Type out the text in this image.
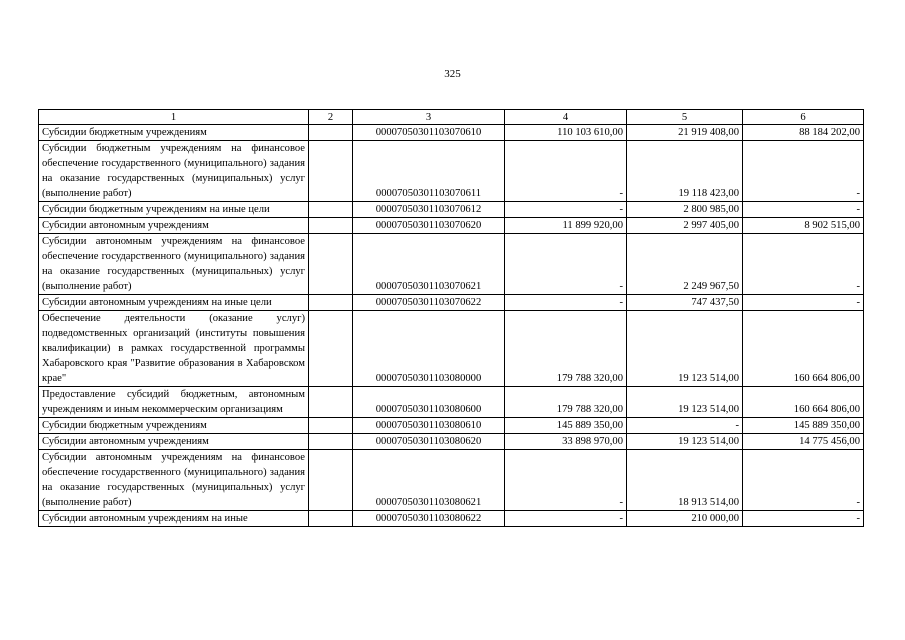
325
1	2	3	4	5	6
Субсидии бюджетным учреждениям		00007050301103070610	110 103 610,00	21 919 408,00	88 184 202,00
Субсидии бюджетным учреждениям на финансовое обеспечение государственного (муниципального) задания на оказание государственных (муниципальных) услуг (выполнение работ)		00007050301103070611	-	19 118 423,00	-
Субсидии бюджетным учреждениям на иные цели		00007050301103070612	-	2 800 985,00	-
Субсидии автономным учреждениям		00007050301103070620	11 899 920,00	2 997 405,00	8 902 515,00
Субсидии автономным учреждениям на финансовое обеспечение государственного (муниципального) задания на оказание государственных (муниципальных) услуг (выполнение работ)		00007050301103070621	-	2 249 967,50	-
Субсидии автономным учреждениям на иные цели		00007050301103070622	-	747 437,50	-
Обеспечение деятельности (оказание услуг) подведомственных организаций (институты повышения квалификации) в рамках государственной программы Хабаровского края "Развитие образования в Хабаровском крае"		00007050301103080000	179 788 320,00	19 123 514,00	160 664 806,00
Предоставление субсидий бюджетным, автономным учреждениям и иным некоммерческим организациям		00007050301103080600	179 788 320,00	19 123 514,00	160 664 806,00
Субсидии бюджетным учреждениям		00007050301103080610	145 889 350,00	-	145 889 350,00
Субсидии автономным учреждениям		00007050301103080620	33 898 970,00	19 123 514,00	14 775 456,00
Субсидии автономным учреждениям на финансовое обеспечение государственного (муниципального) задания на оказание государственных (муниципальных) услуг (выполнение работ)		00007050301103080621	-	18 913 514,00	-
Субсидии автономным учреждениям на иные		00007050301103080622	-	210 000,00	-
